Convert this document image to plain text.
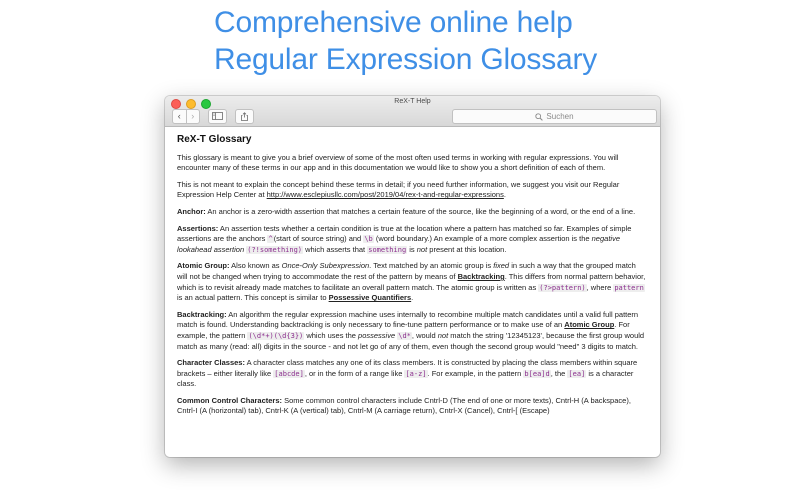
Comprehensive online help
Regular Expression Glossary
ReX-T Help
‹	›	Suchen
ReX-T Glossary

This glossary is meant to give you a brief overview of some of the most often used terms in working with regular expressions. You will encounter many of these terms in our app and in this documentation we would like to show you a short definition of each of them.

This is not meant to explain the concept behind these terms in detail; if you need further information, we suggest you visit our Regular Expression Help Center at http://www.esclepiusllc.com/post/2019/04/rex-t-and-regular-expressions.

Anchor: An anchor is a zero-width assertion that matches a certain feature of the source, like the beginning of a word, or the end of a line.

Assertions: An assertion tests whether a certain condition is true at the location where a pattern has matched so far. Examples of simple assertions are the anchors ^(start of source string) and \b (word boundary.) An example of a more complex assertion is the negative lookahead assertion (?!something) which asserts that something is not present at this location.

Atomic Group: Also known as Once-Only Subexpression. Text matched by an atomic group is fixed in such a way that the grouped match will not be changed when trying to accommodate the rest of the pattern by means of Backtracking. This differs from normal pattern behavior, which is to revisit already made matches to facilitate an overall pattern match. The atomic group is written as (?>pattern), where pattern is an actual pattern. This concept is similar to Possessive Quantifiers.

Backtracking: An algorithm the regular expression machine uses internally to recombine multiple match candidates until a valid full pattern match is found. Understanding backtracking is only necessary to fine-tune pattern performance or to make use of an Atomic Group. For example, the pattern (\d*+)(\d{3}) which uses the possessive \d*, would not match the string '12345123', because the first group would match as many (read: all) digits in the source - and not let go of any of them, even though the second group would "need" 3 digits to match.

Character Classes: A character class matches any one of its class members. It is constructed by placing the class members within square brackets – either literally like [abcde], or in the form of a range like [a-z]. For example, in the pattern b[ea]d, the [ea] is a character class.

Common Control Characters: Some common control characters include Cntrl-D (The end of one or more texts), Cntrl-H (A backspace), Cntrl-I (A (horizontal) tab), Cntrl-K (A (vertical) tab), Cntrl-M (A carriage return), Cntrl-X (Cancel), Cntrl-[ (Escape)
